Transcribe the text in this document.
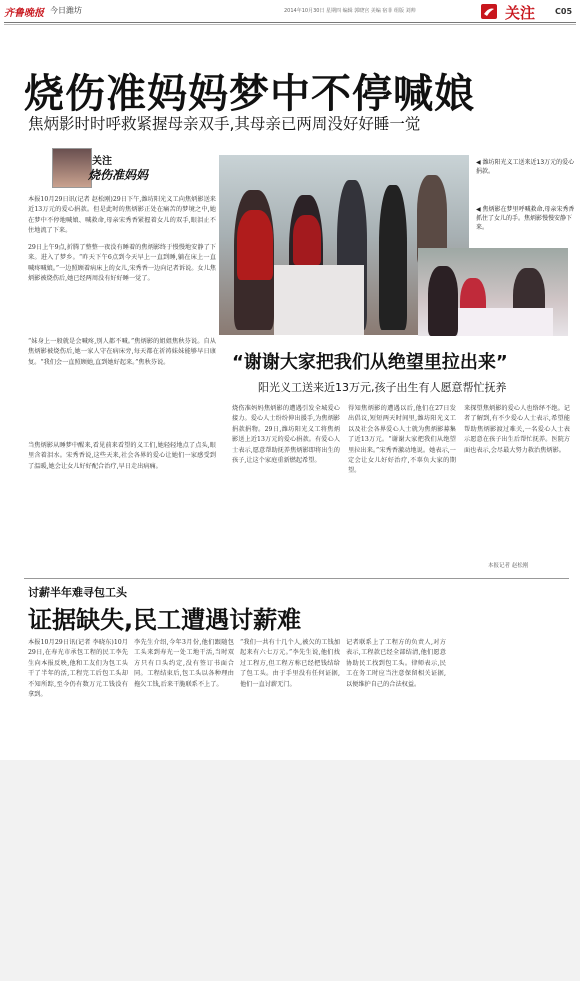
齐鲁晚报 今日潍坊	2014年10月30日 星期四 编辑 郭晓宫 美编 宿菲 组版 刘帅	关注 C05
烧伤准妈妈梦中不停喊娘
焦炳影时时呼救紧握母亲双手,其母亲已两周没好好睡一觉
关注
烧伤准妈妈
◀ 潍坊阳光义工送来近13万元的爱心捐款。
◀ 焦炳影在梦里呼喊救命,母亲宋秀香抓住了女儿的手。焦炳影慢慢安静下来。
本报10月29日讯(记者 赵松刚)29日下午,潍坊阳光义工向焦炳影送来近13万元的爱心捐款。但是此时的焦炳影正处在痛苦的梦境之中,她在梦中不停地喊娘、喊救命,母亲宋秀香紧握着女儿的双手,眼泪止不住地流了下来。
29日上午9点,折腾了整整一夜没有睡着的焦炳影终于慢慢地安静了下来。进入了梦乡。“昨天下午6点到今天早上一直到睡,躺在床上一直喊疼喊娘。”一边照顾着病床上的女儿,宋秀香一边向记者诉说。女儿焦炳影被烧伤后,她已经两周没有好好睡一觉了。
“妹身上一般就是会喊疼,别人都不喊。”焦炳影的姐姐焦秋芬说。自从焦炳影被烧伤后,她一家人守在病床旁,每天都在祈祷妹妹能够早日康复。“我们会一直照顾她,直到她好起来。”焦秋芬说。
当焦炳影从睡梦中醒来,看见前来看望的义工们,她轻轻地点了点头,眼里含着泪水。宋秀香说,这些天来,社会各界的爱心让她们一家感受到了温暖,她会让女儿好好配合治疗,早日走出病痛。
“谢谢大家把我们从绝望里拉出来”
阳光义工送来近13万元,孩子出生有人愿意帮忙抚养
烧伤准妈妈焦炳影的遭遇引发全城爱心接力。爱心人士纷纷伸出援手,为焦炳影捐款捐物。29日,潍坊阳光义工将焦炳影送上近13万元的爱心捐款。有爱心人士表示,愿意帮助抚养焦炳影即将出生的孩子,让这个家庭重新燃起希望。
得知焦炳影的遭遇以后,他们在27日发出倡议,短短两天时间里,潍坊阳光义工以及社会各界爱心人士就为焦炳影募集了近13万元。“谢谢大家把我们从绝望里拉出来。”宋秀香激动地说。她表示,一定会让女儿好好治疗,不辜负大家的期望。
来探望焦炳影的爱心人也络绎不绝。记者了解到,有不少爱心人士表示,希望能帮助焦炳影渡过难关,一名爱心人士表示愿意在孩子出生后帮忙抚养。医院方面也表示,会尽最大努力救治焦炳影。
本报记者 赵松刚
讨薪半年难寻包工头
证据缺失,民工遭遇讨薪难
本报10月29日讯(记者 李晓东)10月29日,在寿光市承包工程的民工李先生向本报反映,他和工友们为包工头干了半年的活,工程完工后包工头却不知所踪,至今仍有数万元工钱没有拿到。
李先生介绍,今年3月份,他们跟随包工头来到寿光一处工地干活,当时双方只有口头约定,没有签订书面合同。工程结束后,包工头以各种理由拖欠工钱,后来干脆联系不上了。
“我们一共有十几个人,被欠的工钱加起来有六七万元。”李先生说,他们找过工程方,但工程方称已经把钱结给了包工头。由于手里没有任何证据,他们一直讨薪无门。
记者联系上了工程方的负责人,对方表示,工程款已经全部结清,他们愿意协助民工找到包工头。律师表示,民工在务工时应当注意保留相关证据,以便维护自己的合法权益。
